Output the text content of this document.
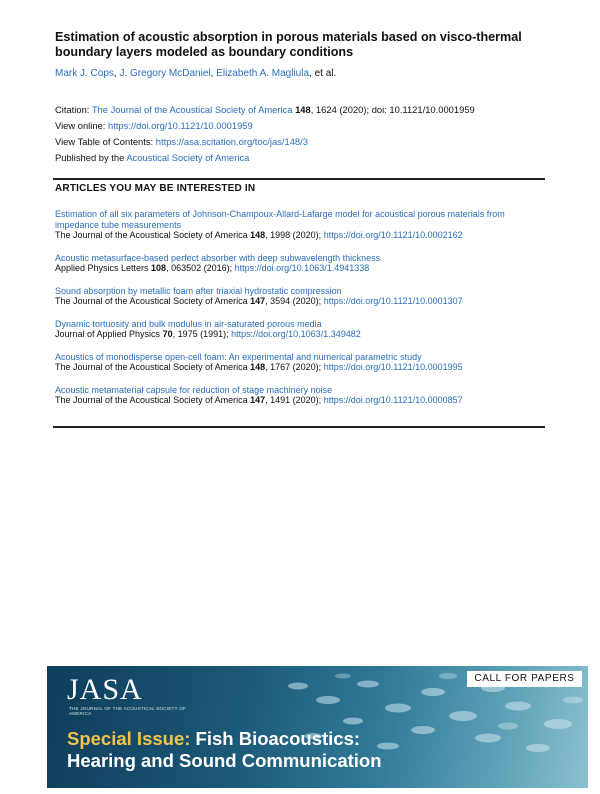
Estimation of acoustic absorption in porous materials based on visco-thermal boundary layers modeled as boundary conditions
Mark J. Cops, J. Gregory McDaniel, Elizabeth A. Magliula, et al.
Citation: The Journal of the Acoustical Society of America 148, 1624 (2020); doi: 10.1121/10.0001959
View online: https://doi.org/10.1121/10.0001959
View Table of Contents: https://asa.scitation.org/toc/jas/148/3
Published by the Acoustical Society of America
ARTICLES YOU MAY BE INTERESTED IN
Estimation of all six parameters of Johnson-Champoux-Allard-Lafarge model for acoustical porous materials from impedance tube measurements
The Journal of the Acoustical Society of America 148, 1998 (2020); https://doi.org/10.1121/10.0002162
Acoustic metasurface-based perfect absorber with deep subwavelength thickness
Applied Physics Letters 108, 063502 (2016); https://doi.org/10.1063/1.4941338
Sound absorption by metallic foam after triaxial hydrostatic compression
The Journal of the Acoustical Society of America 147, 3594 (2020); https://doi.org/10.1121/10.0001307
Dynamic tortuosity and bulk modulus in air-saturated porous media
Journal of Applied Physics 70, 1975 (1991); https://doi.org/10.1063/1.349482
Acoustics of monodisperse open-cell foam: An experimental and numerical parametric study
The Journal of the Acoustical Society of America 148, 1767 (2020); https://doi.org/10.1121/10.0001995
Acoustic metamaterial capsule for reduction of stage machinery noise
The Journal of the Acoustical Society of America 147, 1491 (2020); https://doi.org/10.1121/10.0000857
JASA
THE JOURNAL OF THE ACOUSTICAL SOCIETY OF AMERICA
CALL FOR PAPERS
Special Issue: Fish Bioacoustics:
Hearing and Sound Communication
